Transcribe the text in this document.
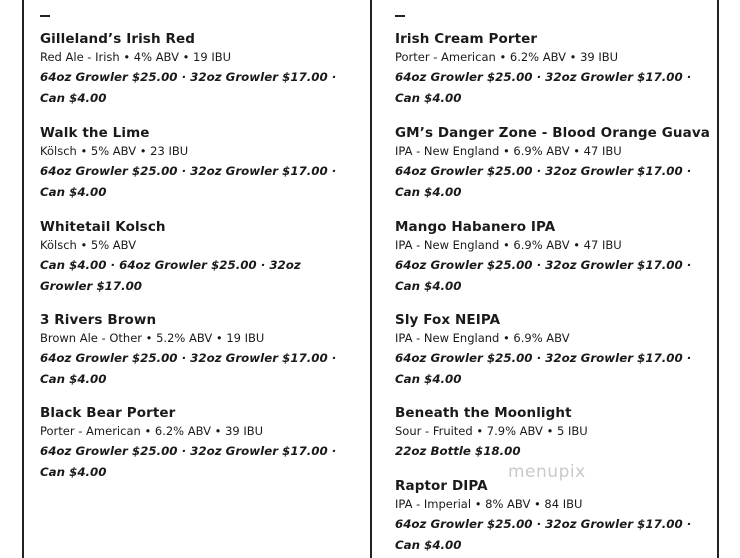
Gilleland’s Irish Red
Red Ale - Irish • 4% ABV • 19 IBU
64oz Growler $25.00 · 32oz Growler $17.00 · Can $4.00
Walk the Lime
Kölsch • 5% ABV • 23 IBU
64oz Growler $25.00 · 32oz Growler $17.00 · Can $4.00
Whitetail Kolsch
Kölsch • 5% ABV
Can $4.00 · 64oz Growler $25.00 · 32oz Growler $17.00
3 Rivers Brown
Brown Ale - Other • 5.2% ABV • 19 IBU
64oz Growler $25.00 · 32oz Growler $17.00 · Can $4.00
Black Bear Porter
Porter - American • 6.2% ABV • 39 IBU
64oz Growler $25.00 · 32oz Growler $17.00 · Can $4.00
Irish Cream Porter
Porter - American • 6.2% ABV • 39 IBU
64oz Growler $25.00 · 32oz Growler $17.00 · Can $4.00
GM’s Danger Zone - Blood Orange Guava
IPA - New England • 6.9% ABV • 47 IBU
64oz Growler $25.00 · 32oz Growler $17.00 · Can $4.00
Mango Habanero IPA
IPA - New England • 6.9% ABV • 47 IBU
64oz Growler $25.00 · 32oz Growler $17.00 · Can $4.00
Sly Fox NEIPA
IPA - New England • 6.9% ABV
64oz Growler $25.00 · 32oz Growler $17.00 · Can $4.00
Beneath the Moonlight
Sour - Fruited • 7.9% ABV • 5 IBU
22oz Bottle $18.00
Raptor DIPA
IPA - Imperial • 8% ABV • 84 IBU
64oz Growler $25.00 · 32oz Growler $17.00 · Can $4.00
menupix
